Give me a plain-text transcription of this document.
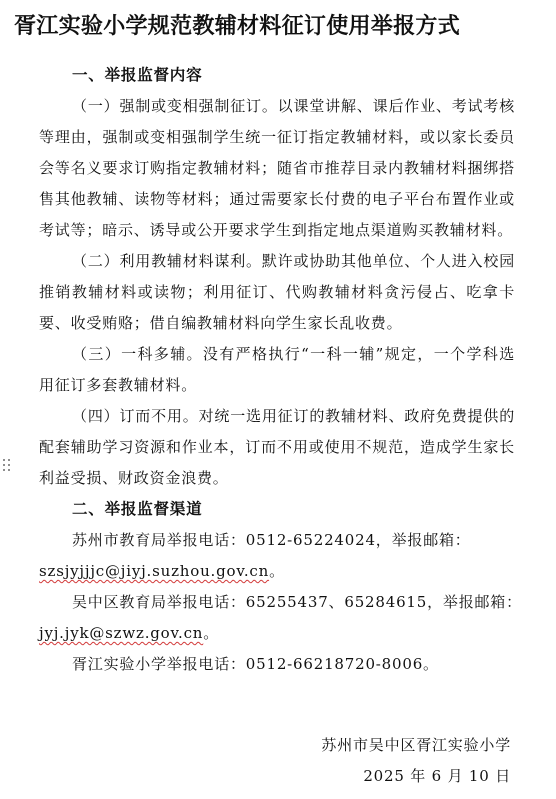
胥江实验小学规范教辅材料征订使用举报方式

一、举报监督内容

（一）强制或变相强制征订。以课堂讲解、课后作业、考试考核等理由，强制或变相强制学生统一征订指定教辅材料，或以家长委员会等名义要求订购指定教辅材料；随省市推荐目录内教辅材料捆绑搭售其他教辅、读物等材料；通过需要家长付费的电子平台布置作业或考试等；暗示、诱导或公开要求学生到指定地点渠道购买教辅材料。

（二）利用教辅材料谋利。默许或协助其他单位、个人进入校园推销教辅材料或读物；利用征订、代购教辅材料贪污侵占、吃拿卡要、收受贿赂；借自编教辅材料向学生家长乱收费。

（三）一科多辅。没有严格执行“一科一辅”规定，一个学科选用征订多套教辅材料。

（四）订而不用。对统一选用征订的教辅材料、政府免费提供的配套辅助学习资源和作业本，订而不用或使用不规范，造成学生家长利益受损、财政资金浪费。

二、举报监督渠道

苏州市教育局举报电话：0512-65224024，举报邮箱：

szsjyjjjc@jiyj.suzhou.gov.cn。

吴中区教育局举报电话：65255437、65284615，举报邮箱：

jyj.jyk@szwz.gov.cn。

胥江实验小学举报电话：0512-66218720-8006。

苏州市吴中区胥江实验小学
2025 年 6 月 10 日
